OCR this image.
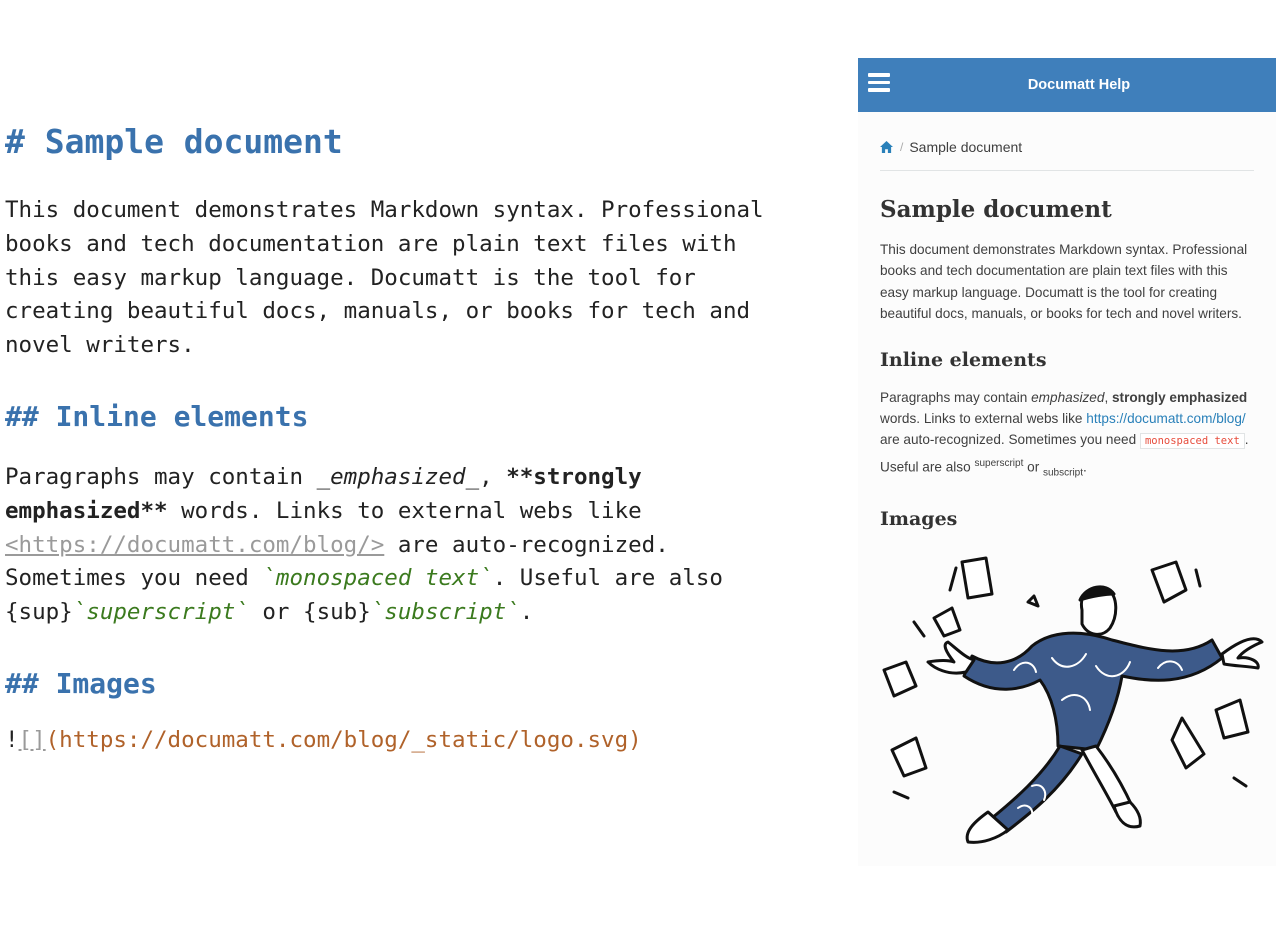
# Sample document
This document demonstrates Markdown syntax. Professional
books and tech documentation are plain text files with
this easy markup language. Documatt is the tool for
creating beautiful docs, manuals, or books for tech and
novel writers.
## Inline elements
Paragraphs may contain _emphasized_, **strongly
emphasized** words. Links to external webs like
<https://documatt.com/blog/> are auto-recognized.
Sometimes you need `monospaced text`. Useful are also
{sup}`superscript` or {sub}`subscript`.
## Images
![](https://documatt.com/blog/_static/logo.svg)
Documatt Help
/ Sample document
Sample document
This document demonstrates Markdown syntax. Professional books and tech documentation are plain text files with this easy markup language. Documatt is the tool for creating beautiful docs, manuals, or books for tech and novel writers.
Inline elements
Paragraphs may contain emphasized, strongly emphasized words. Links to external webs like https://documatt.com/blog/ are auto-recognized. Sometimes you need monospaced text . Useful are also $^{superscript}$ or $_{subscript}$.
Images
